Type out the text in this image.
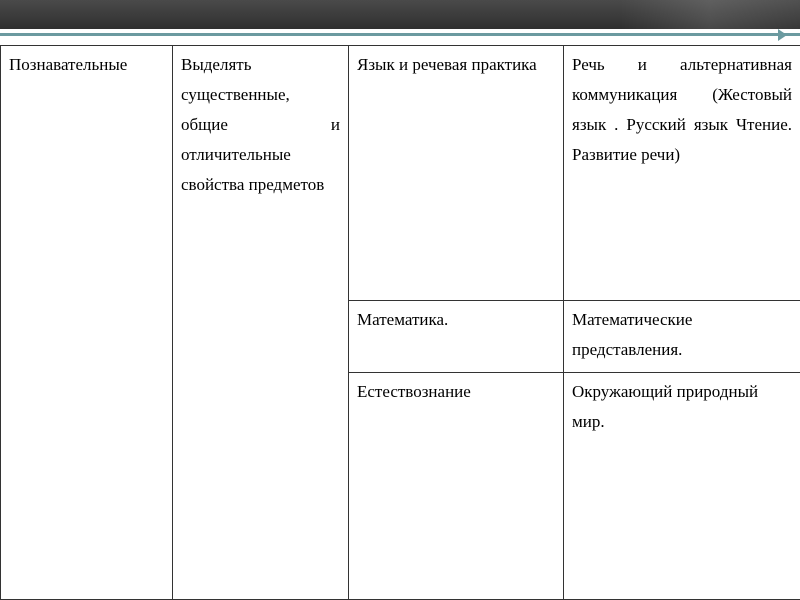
Познавательные	Выделять существенные, общие и отличительные свойства предметов	Язык и речевая практика	Речь и альтернативная коммуникация (Жестовый язык . Русский язык Чтение. Развитие речи)
		Математика.	Математические представления.
		Естествознание	Окружающий природный мир.
